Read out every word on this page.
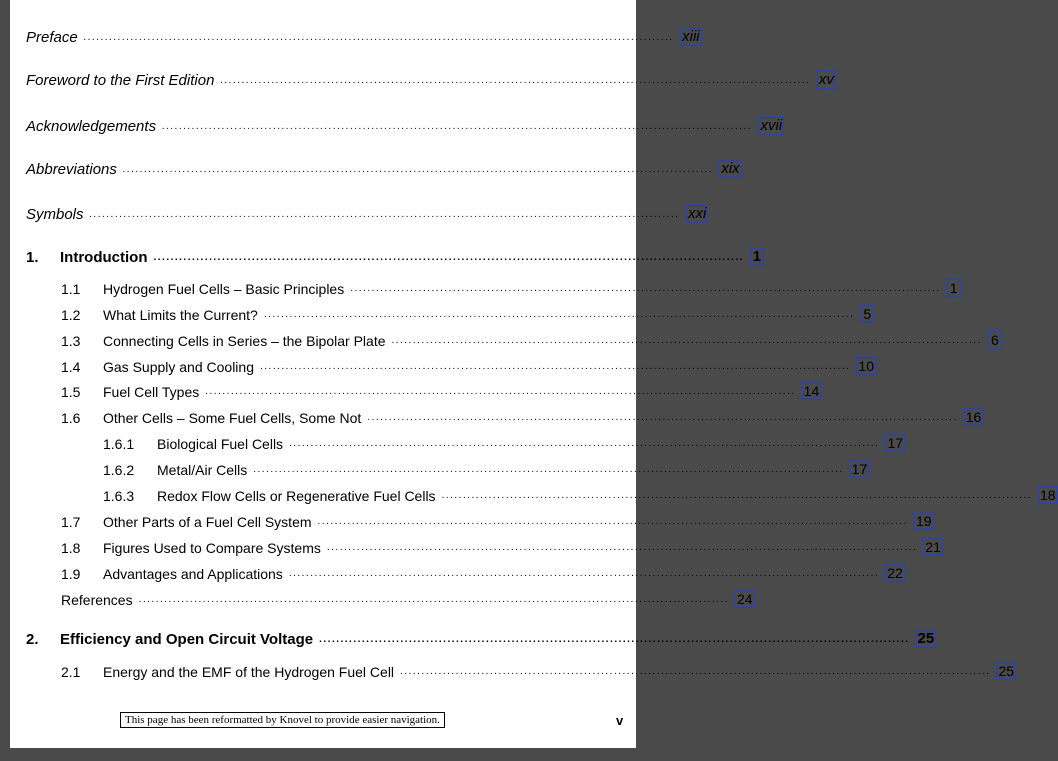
Preface .......................................................................................................................................... xiii
Foreword to the First Edition .......................................................................................................................................... xv
Acknowledgements .......................................................................................................................................... xvii
Abbreviations .......................................................................................................................................... xix
Symbols .......................................................................................................................................... xxi
1.	Introduction .......................................................................................................................................... 1
1.1	Hydrogen Fuel Cells – Basic Principles .......................................................................................................................................... 1
1.2	What Limits the Current? .......................................................................................................................................... 5
1.3	Connecting Cells in Series – the Bipolar Plate .......................................................................................................................................... 6
1.4	Gas Supply and Cooling .......................................................................................................................................... 10
1.5	Fuel Cell Types .......................................................................................................................................... 14
1.6	Other Cells – Some Fuel Cells, Some Not .......................................................................................................................................... 16
1.6.1	Biological Fuel Cells .......................................................................................................................................... 17
1.6.2	Metal/Air Cells .......................................................................................................................................... 17
1.6.3	Redox Flow Cells or Regenerative Fuel Cells .......................................................................................................................................... 18
1.7	Other Parts of a Fuel Cell System .......................................................................................................................................... 19
1.8	Figures Used to Compare Systems .......................................................................................................................................... 21
1.9	Advantages and Applications .......................................................................................................................................... 22
References .......................................................................................................................................... 24
2.	Efficiency and Open Circuit Voltage .......................................................................................................................................... 25
2.1	Energy and the EMF of the Hydrogen Fuel Cell .......................................................................................................................................... 25
This page has been reformatted by Knovel to provide easier navigation.	v
